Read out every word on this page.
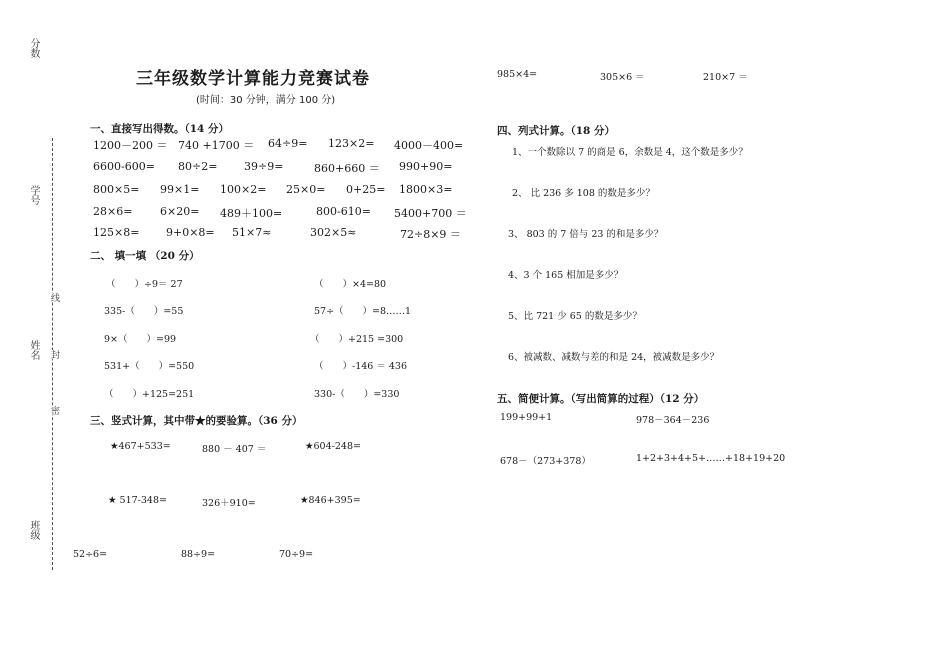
分数
学号
姓名
班级
线
封
密
三年级数学计算能力竞赛试卷
(时间：30 分钟，满分 100 分)
一、直接写出得数。（14 分）
1200－200 ＝ 740 +1700 ＝ 64÷9= 123×2= 4000－400=
6600-600= 80÷2= 39÷9=	860+660 ＝ 990+90=
800×5= 99×1= 100×2= 25×0= 0+25= 1800×3=
28×6=	6×20= 489＋100=	800-610= 5400+700 ＝
125×8= 9+0×8= 51×7≈	302×5≈	72÷8×9 ＝
二、 填一填 （20 分）
（　　）÷9＝ 27
335-（　　）=55
9×（　　）=99
531+（　　）=550
（　　）+125=251
（　　）×4=80
57÷（　　）=8……1
（　　）+215 =300
（　　）-146 ＝ 436
330-（　　）=330
三、竖式计算，其中带★的要验算。（36 分）
★467+533=	880 － 407 ＝	★604-248=
★ 517-348=	326＋910=	★846+395=
52÷6=	88÷9=	70÷9=
985×4=	305×6 ＝	210×7 ＝
四、列式计算。（18 分）
1、一个数除以 7 的商是 6，余数是 4，这个数是多少？
2、 比 236 多 108 的数是多少？
3、 803 的 7 倍与 23 的和是多少？
4、3 个 165 相加是多少？
5、比 721 少 65 的数是多少？
6、被减数、减数与差的和是 24，被减数是多少？
五、简便计算。（写出简算的过程）（12 分）
199+99+1	978－364－236
678－（273+378）	1+2+3+4+5+……+18+19+20
